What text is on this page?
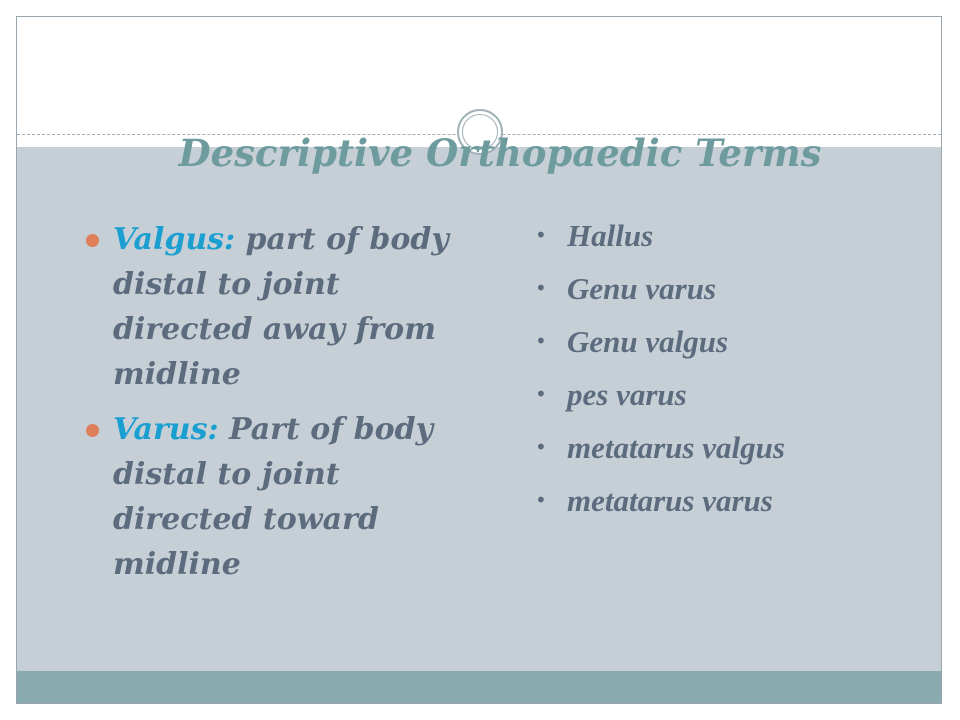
Descriptive Orthopaedic Terms

Valgus: part of body distal to joint directed away from midline

Varus: Part of body distal to joint directed toward midline

• Hallus
• Genu varus
• Genu valgus
• pes varus
• metatarus valgus
• metatarus varus
